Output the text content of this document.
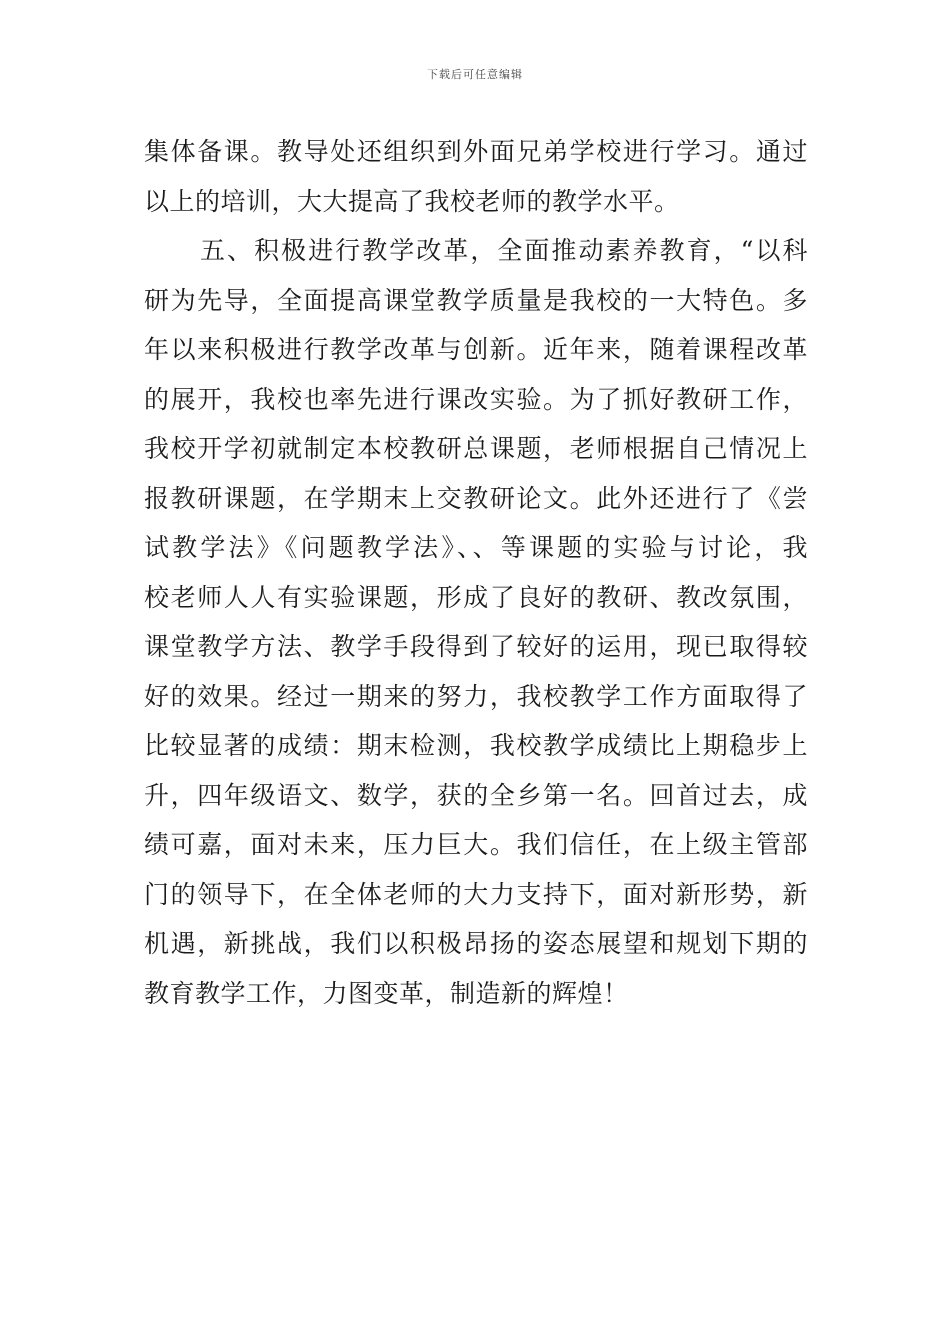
下载后可任意编辑
集体备课。教导处还组织到外面兄弟学校进行学习。通过
以上的培训，大大提高了我校老师的教学水平。
五、积极进行教学改革，全面推动素养教育，“以科
研为先导，全面提高课堂教学质量是我校的一大特色。多
年以来积极进行教学改革与创新。近年来，随着课程改革
的展开，我校也率先进行课改实验。为了抓好教研工作，
我校开学初就制定本校教研总课题，老师根据自己情况上
报教研课题，在学期末上交教研论文。此外还进行了《尝
试教学法》《问题教学法》、、等课题的实验与讨论，我
校老师人人有实验课题，形成了良好的教研、教改氛围，
课堂教学方法、教学手段得到了较好的运用，现已取得较
好的效果。经过一期来的努力，我校教学工作方面取得了
比较显著的成绩：期末检测，我校教学成绩比上期稳步上
升，四年级语文、数学，获的全乡第一名。回首过去，成
绩可嘉，面对未来，压力巨大。我们信任，在上级主管部
门的领导下，在全体老师的大力支持下，面对新形势，新
机遇，新挑战，我们以积极昂扬的姿态展望和规划下期的
教育教学工作，力图变革，制造新的辉煌！
